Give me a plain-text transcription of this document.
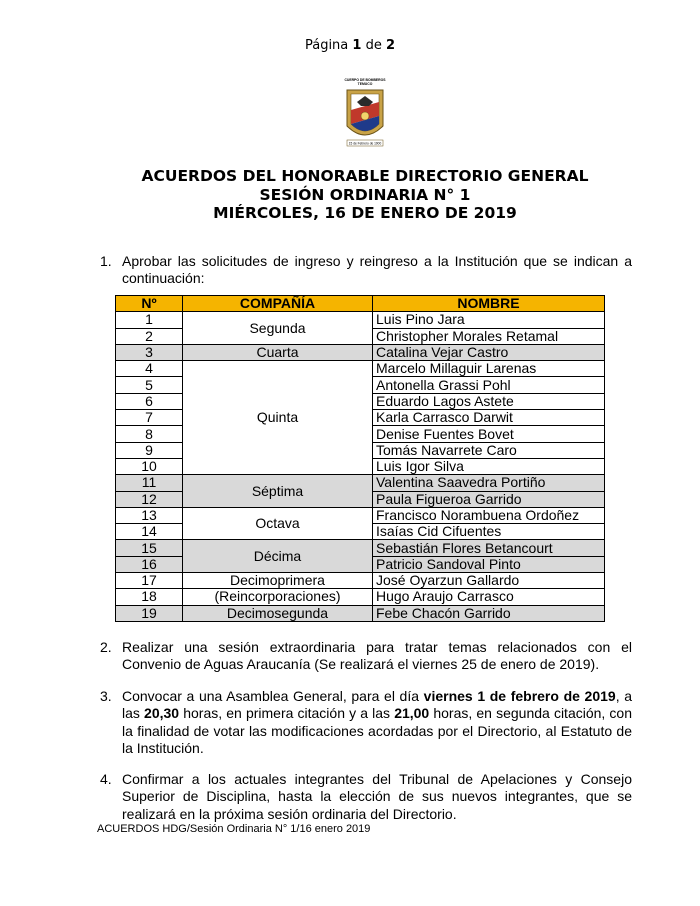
Página 1 de 2
CUERPO DE BOMBEROS
TEMUCO
15 de Febrero de 1900
ACUERDOS DEL HONORABLE DIRECTORIO GENERAL
SESIÓN ORDINARIA N° 1
MIÉRCOLES, 16 DE ENERO DE 2019
1. Aprobar las solicitudes de ingreso y reingreso a la Institución que se indican a continuación:
Nº	COMPAÑÍA	NOMBRE
1	Segunda	Luis Pino Jara
2		Christopher Morales Retamal
3	Cuarta	Catalina Vejar Castro
4	Quinta	Marcelo Millaguir Larenas
5		Antonella Grassi Pohl
6		Eduardo Lagos Astete
7		Karla Carrasco Darwit
8		Denise Fuentes Bovet
9		Tomás Navarrete Caro
10		Luis Igor Silva
11	Séptima	Valentina Saavedra Portiño
12		Paula Figueroa Garrido
13	Octava	Francisco Norambuena Ordoñez
14		Isaías Cid Cifuentes
15	Décima	Sebastián Flores Betancourt
16		Patricio Sandoval Pinto
17	Decimoprimera	José Oyarzun Gallardo
18	(Reincorporaciones)	Hugo Araujo Carrasco
19	Decimosegunda	Febe Chacón Garrido
2. Realizar una sesión extraordinaria para tratar temas relacionados con el Convenio de Aguas Araucanía (Se realizará el viernes 25 de enero de 2019).
3. Convocar a una Asamblea General, para el día viernes 1 de febrero de 2019, a las 20,30 horas, en primera citación y a las 21,00 horas, en segunda citación, con la finalidad de votar las modificaciones acordadas por el Directorio, al Estatuto de la Institución.
4. Confirmar a los actuales integrantes del Tribunal de Apelaciones y Consejo Superior de Disciplina, hasta la elección de sus nuevos integrantes, que se realizará en la próxima sesión ordinaria del Directorio.
ACUERDOS HDG/Sesión Ordinaria N° 1/16 enero 2019
